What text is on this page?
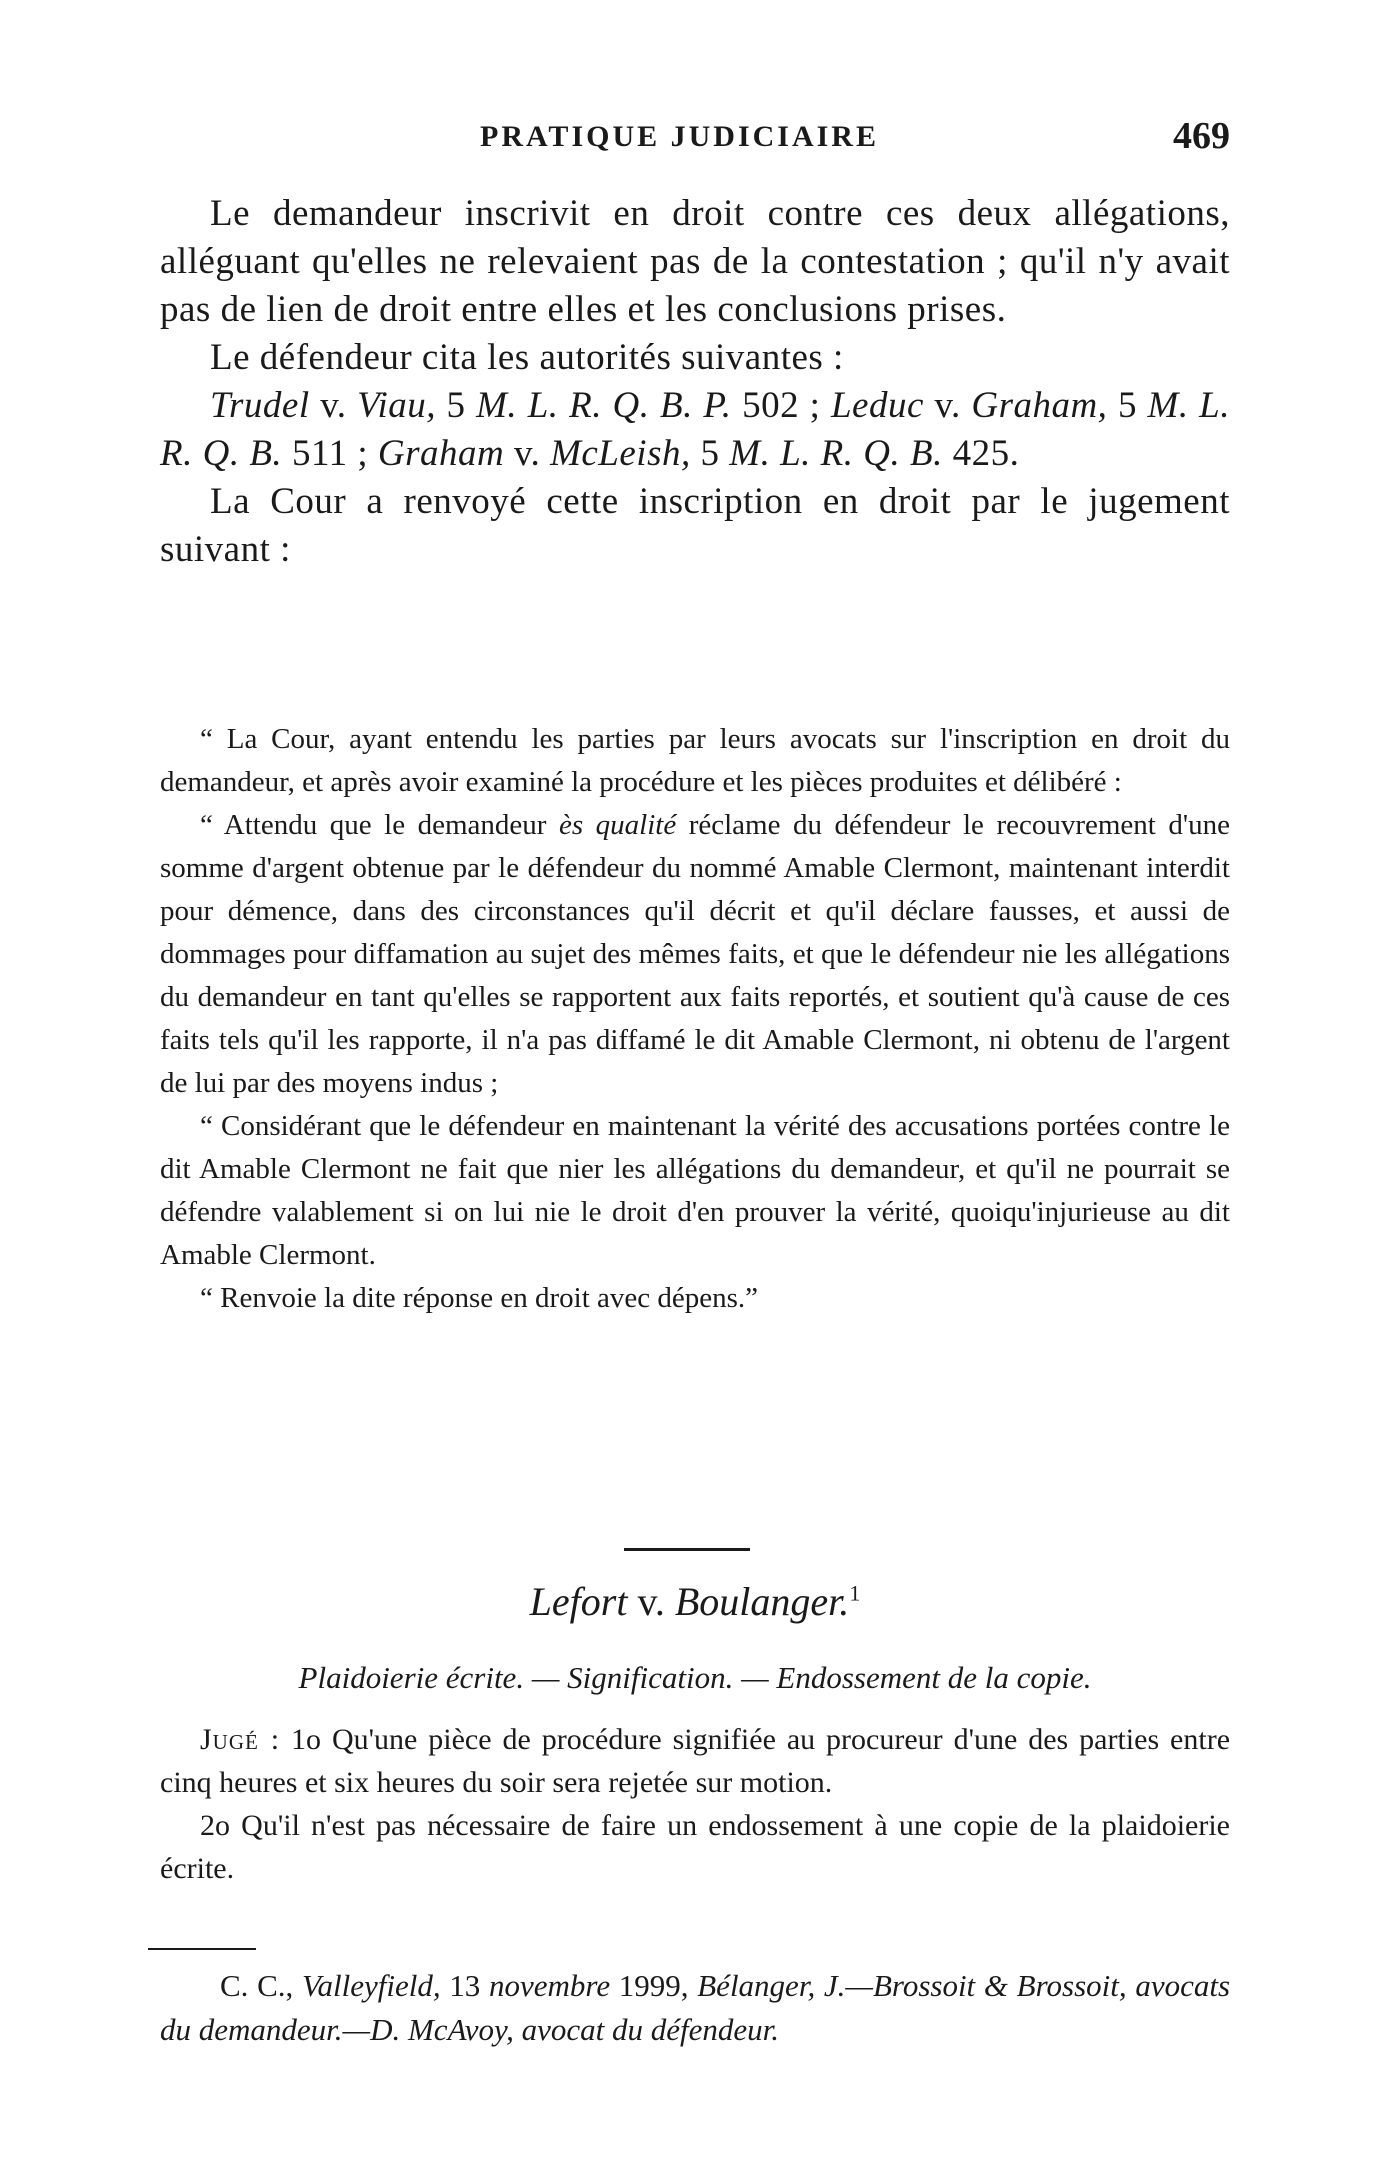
PRATIQUE JUDICIAIRE	469

Le demandeur inscrivit en droit contre ces deux allégations, alléguant qu'elles ne relevaient pas de la contestation ; qu'il n'y avait pas de lien de droit entre elles et les conclusions prises.

Le défendeur cita les autorités suivantes :

Trudel v. Viau, 5 M. L. R. Q. B. P. 502 ; Leduc v. Graham, 5 M. L. R. Q. B. 511 ; Graham v. McLeish, 5 M. L. R. Q. B. 425.

La Cour a renvoyé cette inscription en droit par le jugement suivant :

“ La Cour, ayant entendu les parties par leurs avocats sur l'inscription en droit du demandeur, et après avoir examiné la procédure et les pièces produites et délibéré :

“ Attendu que le demandeur ès qualité réclame du défendeur le recouvrement d'une somme d'argent obtenue par le défendeur du nommé Amable Clermont, maintenant interdit pour démence, dans des circonstances qu'il décrit et qu'il déclare fausses, et aussi de dommages pour diffamation au sujet des mêmes faits, et que le défendeur nie les allégations du demandeur en tant qu'elles se rapportent aux faits reportés, et soutient qu'à cause de ces faits tels qu'il les rapporte, il n'a pas diffamé le dit Amable Clermont, ni obtenu de l'argent de lui par des moyens indus ;

“ Considérant que le défendeur en maintenant la vérité des accusations portées contre le dit Amable Clermont ne fait que nier les allégations du demandeur, et qu'il ne pourrait se défendre valablement si on lui nie le droit d'en prouver la vérité, quoiqu'injurieuse au dit Amable Clermont.

“ Renvoie la dite réponse en droit avec dépens.”

Lefort v. Boulanger.$^1$
Plaidoierie écrite. — Signification. — Endossement de la copie.

Jugé : 1o Qu'une pièce de procédure signifiée au procureur d'une des parties entre cinq heures et six heures du soir sera rejetée sur motion.

2o Qu'il n'est pas nécessaire de faire un endossement à une copie de la plaidoierie écrite.

C. C., Valleyfield, 13 novembre 1999, Bélanger, J.—Brossoit & Brossoit, avocats du demandeur.—D. McAvoy, avocat du défendeur.
